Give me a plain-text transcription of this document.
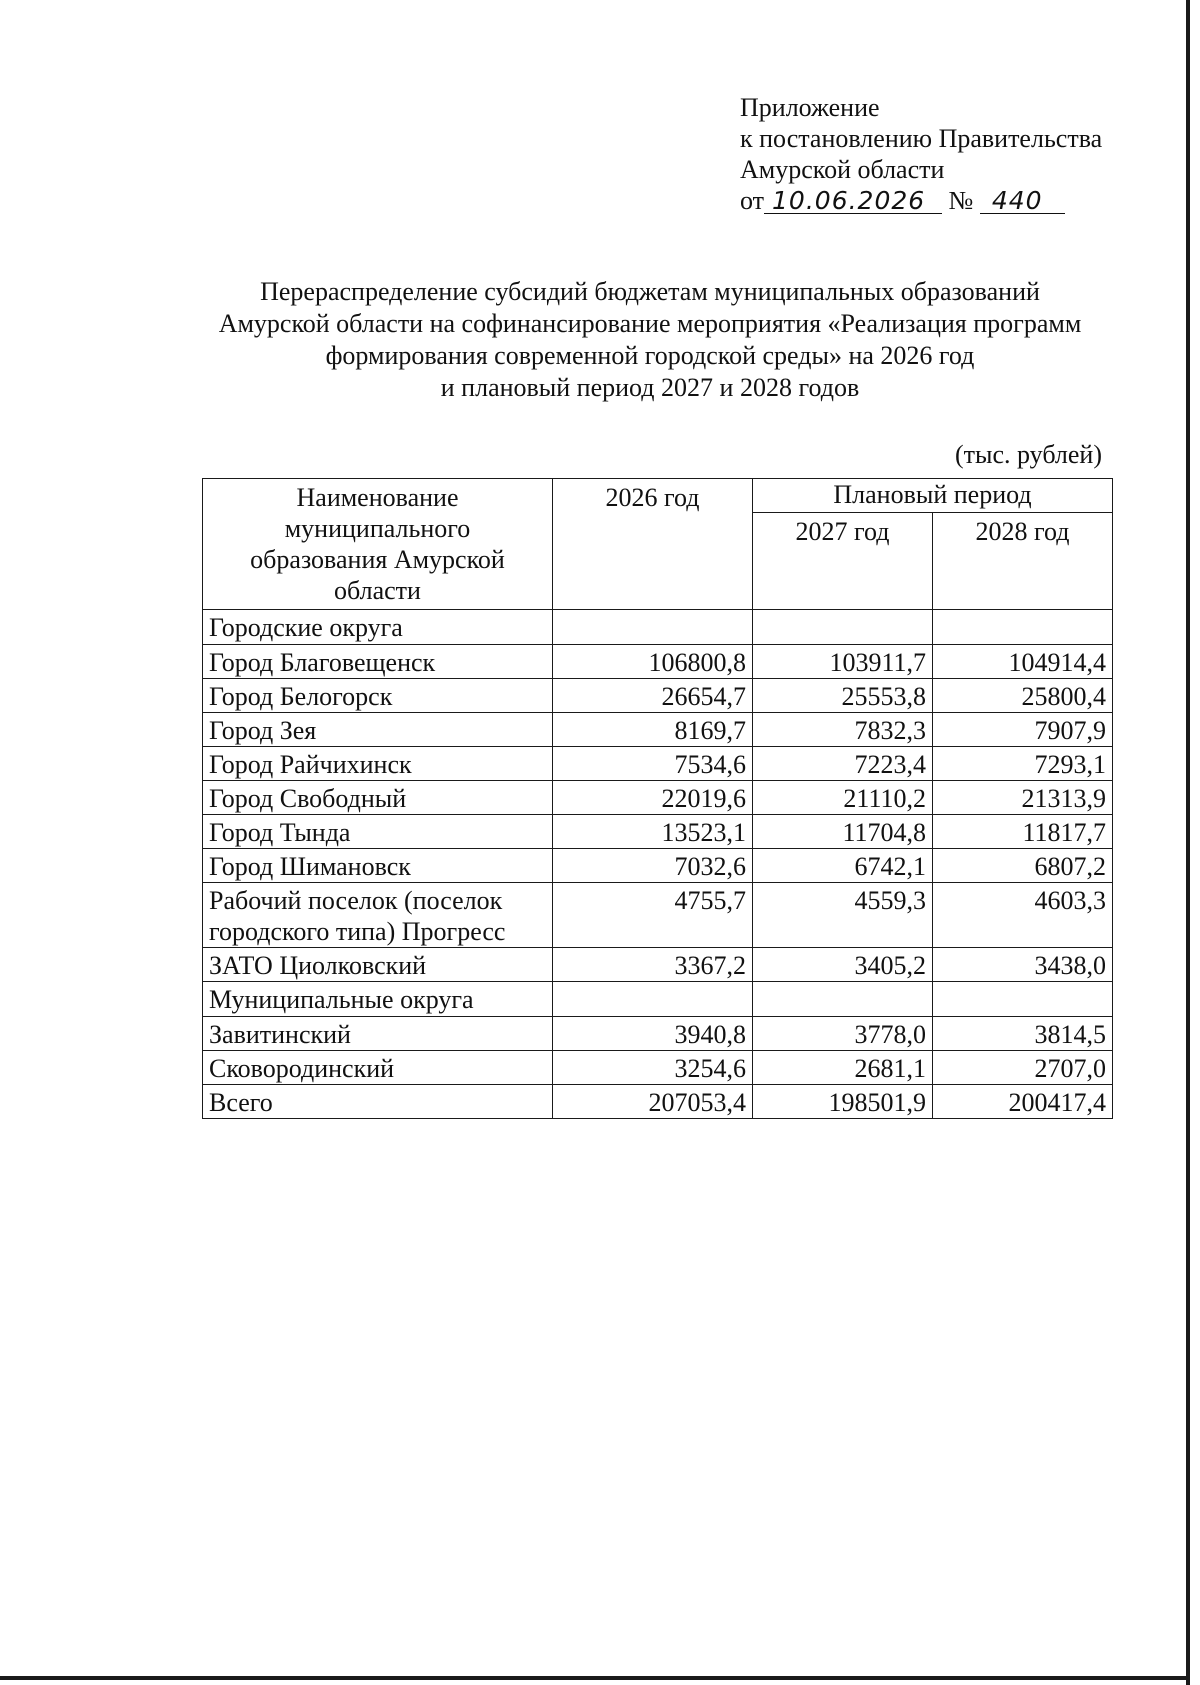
Приложение
к постановлению Правительства
Амурской области
от 10.06.2026 № 440
Перераспределение субсидий бюджетам муниципальных образований
Амурской области на софинансирование мероприятия «Реализация программ
формирования современной городской среды» на 2026 год
и плановый период 2027 и 2028 годов
(тыс. рублей)
Наименование муниципального образования Амурской области	2026 год	Плановый период	
		2027 год	2028 год
Городские округа			
Город Благовещенск	106800,8	103911,7	104914,4
Город Белогорск	26654,7	25553,8	25800,4
Город Зея	8169,7	7832,3	7907,9
Город Райчихинск	7534,6	7223,4	7293,1
Город Свободный	22019,6	21110,2	21313,9
Город Тында	13523,1	11704,8	11817,7
Город Шимановск	7032,6	6742,1	6807,2
Рабочий поселок (поселок городского типа) Прогресс	4755,7	4559,3	4603,3
ЗАТО Циолковский	3367,2	3405,2	3438,0
Муниципальные округа			
Завитинский	3940,8	3778,0	3814,5
Сковородинский	3254,6	2681,1	2707,0
Всего	207053,4	198501,9	200417,4
